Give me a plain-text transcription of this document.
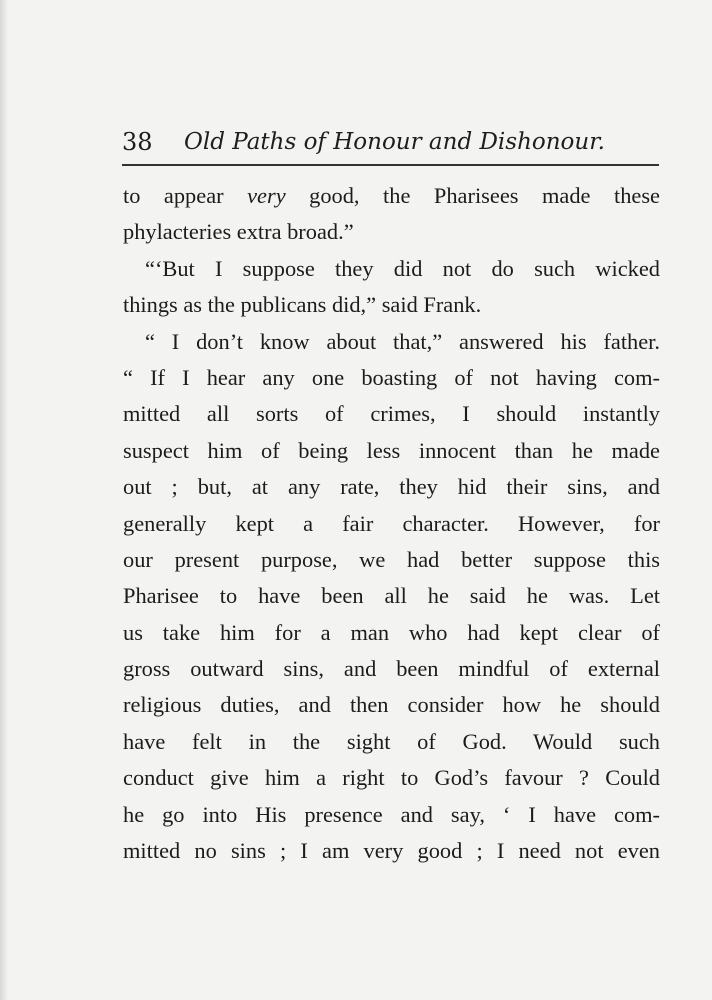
38 Old Paths of Honour and Dishonour.
to appear very good, the Pharisees made these
phylacteries extra broad.”
“‘But I suppose they did not do such wicked
things as the publicans did,” said Frank.
“ I don’t know about that,” answered his father.
“ If I hear any one boasting of not having com-
mitted all sorts of crimes, I should instantly
suspect him of being less innocent than he made
out ; but, at any rate, they hid their sins, and
generally kept a fair character. However, for
our present purpose, we had better suppose this
Pharisee to have been all he said he was. Let
us take him for a man who had kept clear of
gross outward sins, and been mindful of external
religious duties, and then consider how he should
have felt in the sight of God. Would such
conduct give him a right to God’s favour ? Could
he go into His presence and say, ‘ I have com-
mitted no sins ; I am very good ; I need not even
